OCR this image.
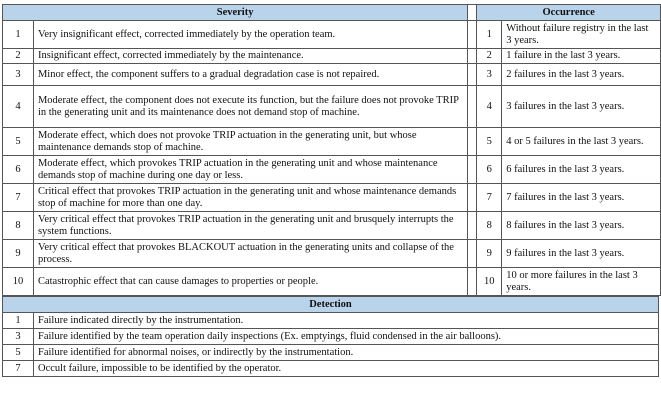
Severity			Occurrence	
1	Very insignificant effect, corrected immediately by the operation team.		1	Without failure registry in the last 3 years.
2	Insignificant effect, corrected immediately by the maintenance.		2	1 failure in the last 3 years.
3	Minor effect, the component suffers to a gradual degradation case is not repaired.		3	2 failures in the last 3 years.
4	Moderate effect, the component does not execute its function, but the failure does not provoke TRIP in the generating unit and its maintenance does not demand stop of machine.		4	3 failures in the last 3 years.
5	Moderate effect, which does not provoke TRIP actuation in the generating unit, but whose maintenance demands stop of machine.		5	4 or 5 failures in the last 3 years.
6	Moderate effect, which provokes TRIP actuation in the generating unit and whose maintenance demands stop of machine during one day or less.		6	6 failures in the last 3 years.
7	Critical effect that provokes TRIP actuation in the generating unit and whose maintenance demands stop of machine for more than one day.		7	7 failures in the last 3 years.
8	Very critical effect that provokes TRIP actuation in the generating unit and brusquely interrupts the system functions.		8	8 failures in the last 3 years.
9	Very critical effect that provokes BLACKOUT actuation in the generating units and collapse of the process.		9	9 failures in the last 3 years.
10	Catastrophic effect that can cause damages to properties or people.		10	10 or more failures in the last 3 years.
Detection	
1	Failure indicated directly by the instrumentation.
3	Failure identified by the team operation daily inspections (Ex. emptyings, fluid condensed in the air balloons).
5	Failure identified for abnormal noises, or indirectly by the instrumentation.
7	Occult failure, impossible to be identified by the operator.
